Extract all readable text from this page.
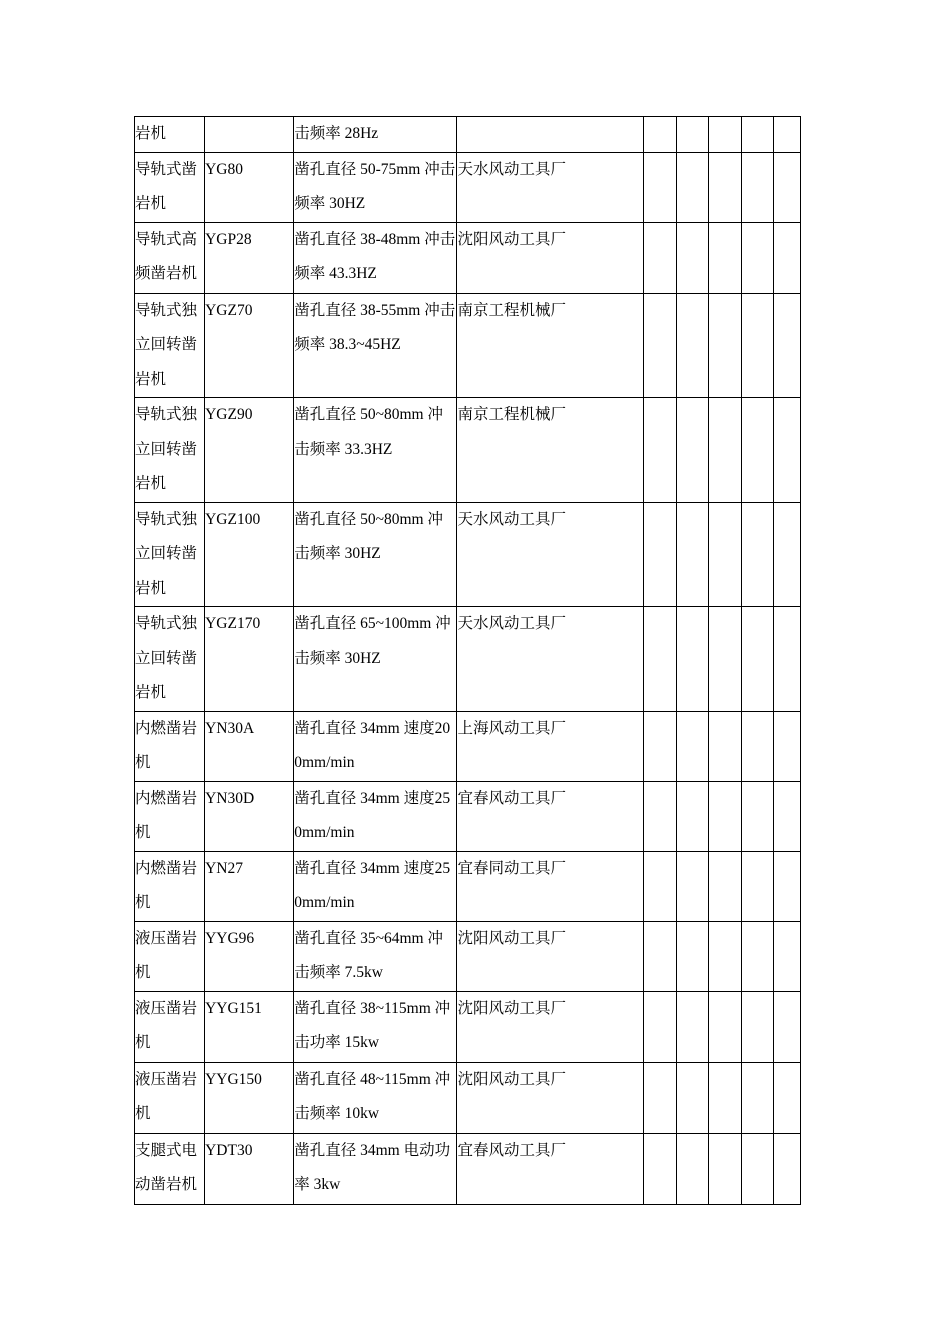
岩机		击频率 28Hz						
导轨式凿岩机	YG80	凿孔直径 50-75mm 冲击频率 30HZ	天水风动工具厂					
导轨式高频凿岩机	YGP28	凿孔直径 38-48mm 冲击频率 43.3HZ	沈阳风动工具厂					
导轨式独立回转凿岩机	YGZ70	凿孔直径 38-55mm 冲击频率 38.3~45HZ	南京工程机械厂					
导轨式独立回转凿岩机	YGZ90	凿孔直径 50~80mm 冲击频率 33.3HZ	南京工程机械厂					
导轨式独立回转凿岩机	YGZ100	凿孔直径 50~80mm 冲击频率 30HZ	天水风动工具厂					
导轨式独立回转凿岩机	YGZ170	凿孔直径 65~100mm 冲击频率 30HZ	天水风动工具厂					
内燃凿岩机	YN30A	凿孔直径 34mm 速度200mm/min	上海风动工具厂					
内燃凿岩机	YN30D	凿孔直径 34mm 速度250mm/min	宜春风动工具厂					
内燃凿岩机	YN27	凿孔直径 34mm 速度250mm/min	宜春同动工具厂					
液压凿岩机	YYG96	凿孔直径 35~64mm 冲击频率 7.5kw	沈阳风动工具厂					
液压凿岩机	YYG151	凿孔直径 38~115mm 冲击功率 15kw	沈阳风动工具厂					
液压凿岩机	YYG150	凿孔直径 48~115mm 冲击频率 10kw	沈阳风动工具厂					
支腿式电动凿岩机	YDT30	凿孔直径 34mm 电动功率 3kw	宜春风动工具厂					
